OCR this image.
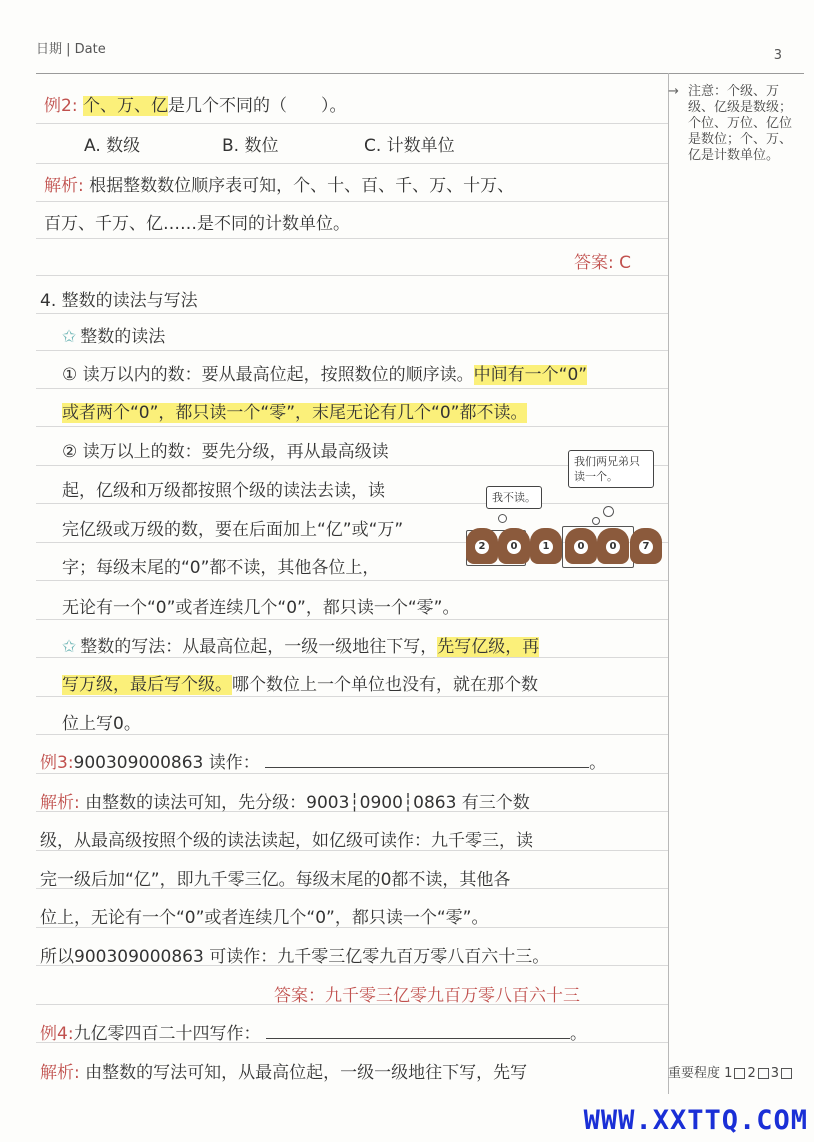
日期 | Date	3
例2: 个、万、亿是几个不同的（　　）。
A. 数级	B. 数位	C. 计数单位
解析: 根据整数数位顺序表可知，个、十、百、千、万、十万、
百万、千万、亿……是不同的计数单位。
答案: C
4. 整数的读法与写法
✩ 整数的读法
① 读万以内的数：要从最高位起，按照数位的顺序读。中间有一个“0”
或者两个“0”，都只读一个“零”，末尾无论有几个“0”都不读。
② 读万以上的数：要先分级，再从最高级读
起，亿级和万级都按照个级的读法去读，读
完亿级或万级的数，要在后面加上“亿”或“万”
字；每级末尾的“0”都不读，其他各位上，
无论有一个“0”或者连续几个“0”，都只读一个“零”。
我不读。
我们两兄弟只读一个。
2	0	1	0	0	7
✩ 整数的写法：从最高位起，一级一级地往下写，先写亿级，再
写万级，最后写个级。哪个数位上一个单位也没有，就在那个数
位上写0。
例3:900309000863 读作：	。
解析: 由整数的读法可知，先分级：9003┆0900┆0863 有三个数
级，从最高级按照个级的读法读起，如亿级可读作：九千零三，读
完一级后加“亿”，即九千零三亿。每级末尾的0都不读，其他各
位上，无论有一个“0”或者连续几个“0”，都只读一个“零”。
所以900309000863 可读作：九千零三亿零九百万零八百六十三。
答案：九千零三亿零九百万零八百六十三
例4:九亿零四百二十四写作：	。
解析: 由整数的写法可知，从最高位起，一级一级地往下写，先写
→ 注意：个级、万级、亿级是数级；个位、万位、亿位是数位；个、万、亿是计数单位。
重要程度 1 2 3
WWW.XXTTQ.COM
